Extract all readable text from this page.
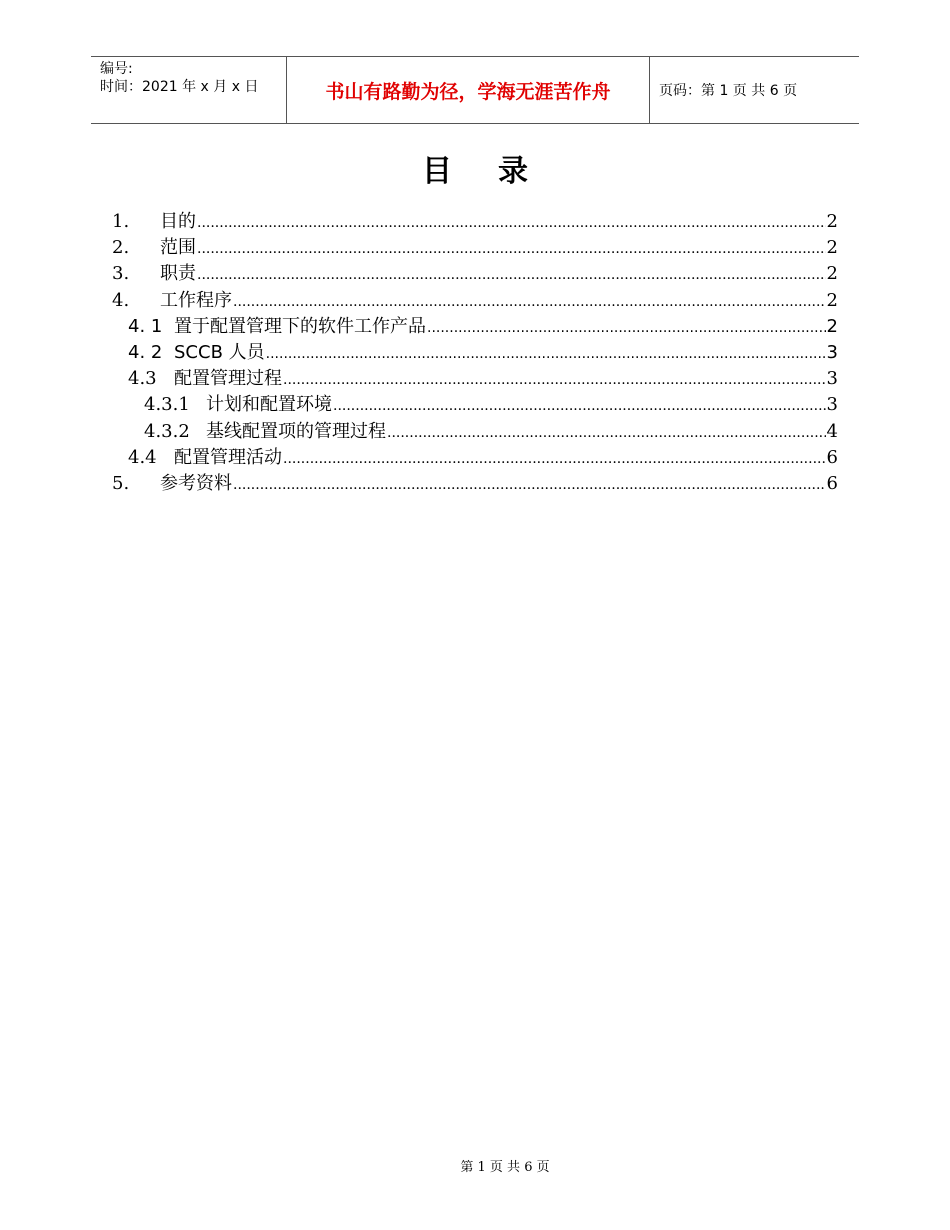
编号:
时间：2021 年 x 月 x 日	书山有路勤为径，学海无涯苦作舟	页码：第 1 页 共 6 页
目录
1.	目的 .....	2
2.	范围 .....	2
3.	职责 .....	2
4.	工作程序 .....	2
4. 1 置于配置管理下的软件工作产品 .....	2
4. 2 SCCB 人员 .....	3
4.3 配置管理过程 .....	3
4.3.1 计划和配置环境 .....	3
4.3.2 基线配置项的管理过程 .....	4
4.4 配置管理活动 .....	6
5.	参考资料 .....	6
第 1 页 共 6 页
